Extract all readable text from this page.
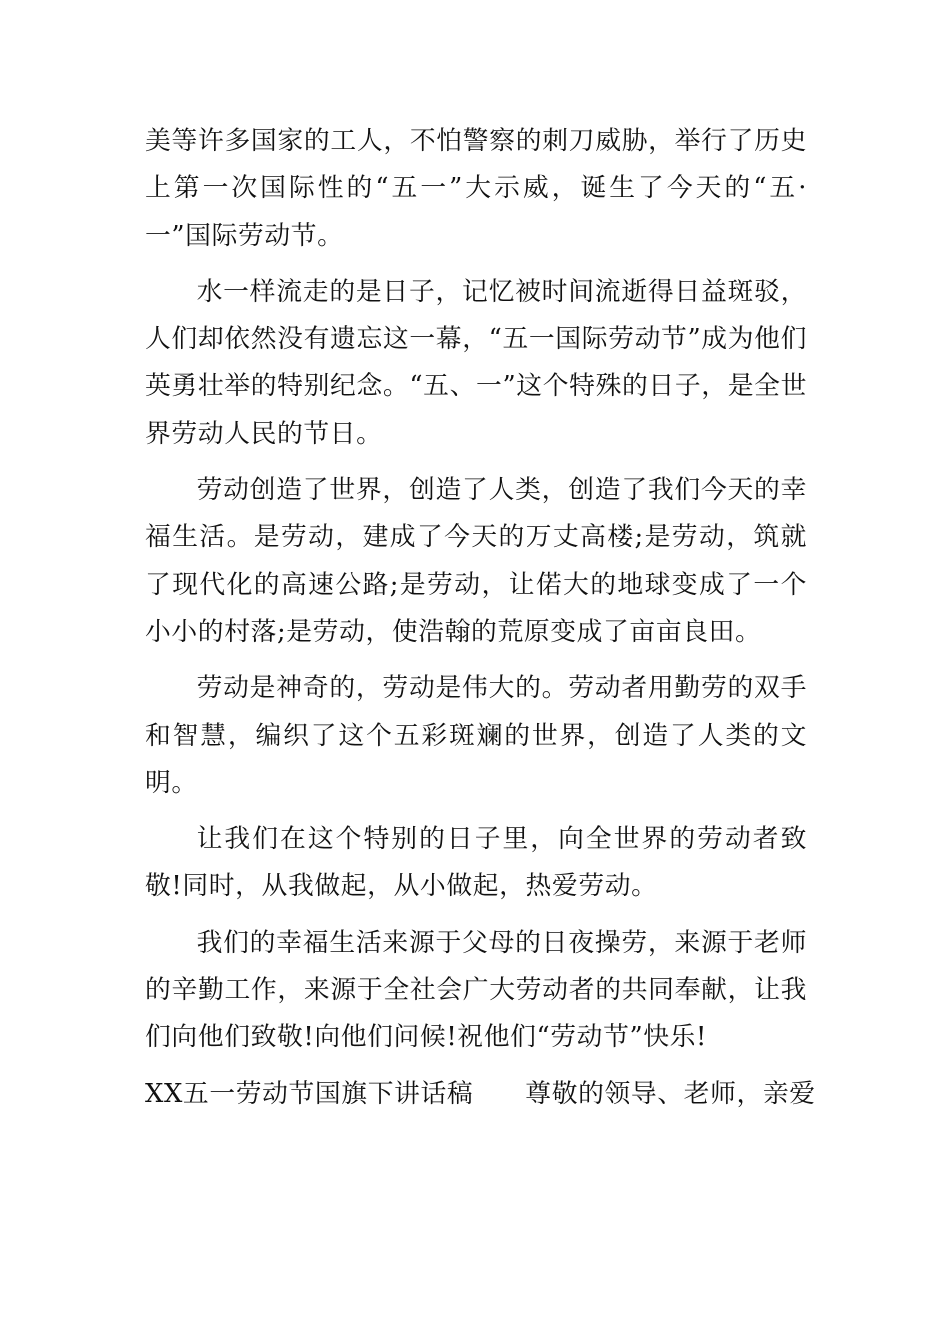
美等许多国家的工人，不怕警察的刺刀威胁，举行了历史上第一次国际性的“五一”大示威，诞生了今天的“五·一”国际劳动节。

水一样流走的是日子，记忆被时间流逝得日益斑驳，人们却依然没有遗忘这一幕，“五一国际劳动节”成为他们英勇壮举的特别纪念。“五、一”这个特殊的日子，是全世界劳动人民的节日。

劳动创造了世界，创造了人类，创造了我们今天的幸福生活。是劳动，建成了今天的万丈高楼;是劳动，筑就了现代化的高速公路;是劳动，让偌大的地球变成了一个小小的村落;是劳动，使浩翰的荒原变成了亩亩良田。

劳动是神奇的，劳动是伟大的。劳动者用勤劳的双手和智慧，编织了这个五彩斑斓的世界，创造了人类的文明。

让我们在这个特别的日子里，向全世界的劳动者致敬!同时，从我做起，从小做起，热爱劳动。

我们的幸福生活来源于父母的日夜操劳，来源于老师的辛勤工作，来源于全社会广大劳动者的共同奉献，让我们向他们致敬!向他们问候!祝他们“劳动节”快乐!

XX五一劳动节国旗下讲话稿 尊敬的领导、老师，亲爱
